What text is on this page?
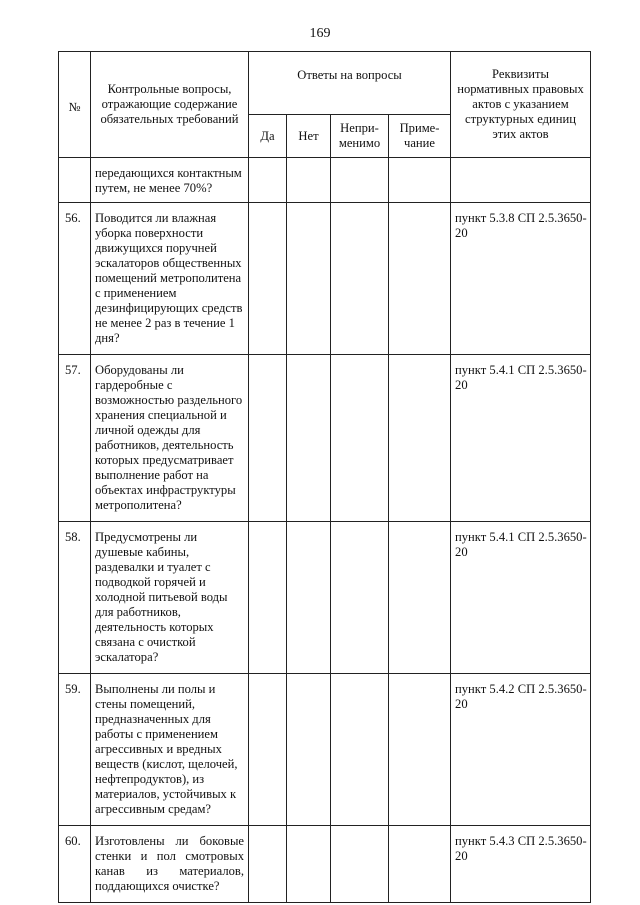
169
№	Контрольные вопросы, отражающие содержание обязательных требований	Ответы на вопросы				Реквизиты нормативных правовых актов с указанием структурных единиц этих актов
		Да	Нет	Непри-менимо	Приме-чание	
	передающихся контактным путем, не менее 70%?					
56.	Поводится ли влажная уборка поверхности движущихся поручней эскалаторов общественных помещений метрополитена с применением дезинфицирующих средств не менее 2 раз в течение 1 дня?					пункт 5.3.8 СП 2.5.3650-20
57.	Оборудованы ли гардеробные с возможностью раздельного хранения специальной и личной одежды для работников, деятельность которых предусматривает выполнение работ на объектах инфраструктуры метрополитена?					пункт 5.4.1 СП 2.5.3650-20
58.	Предусмотрены ли душевые кабины, раздевалки и туалет с подводкой горячей и холодной питьевой воды для работников, деятельность которых связана с очисткой эскалатора?					пункт 5.4.1 СП 2.5.3650-20
59.	Выполнены ли полы и стены помещений, предназначенных для работы с применением агрессивных и вредных веществ (кислот, щелочей, нефтепродуктов), из материалов, устойчивых к агрессивным средам?					пункт 5.4.2 СП 2.5.3650-20
60.	Изготовлены ли боковые стенки и пол смотровых канав из материалов, поддающихся очистке?					пункт 5.4.3 СП 2.5.3650-20
